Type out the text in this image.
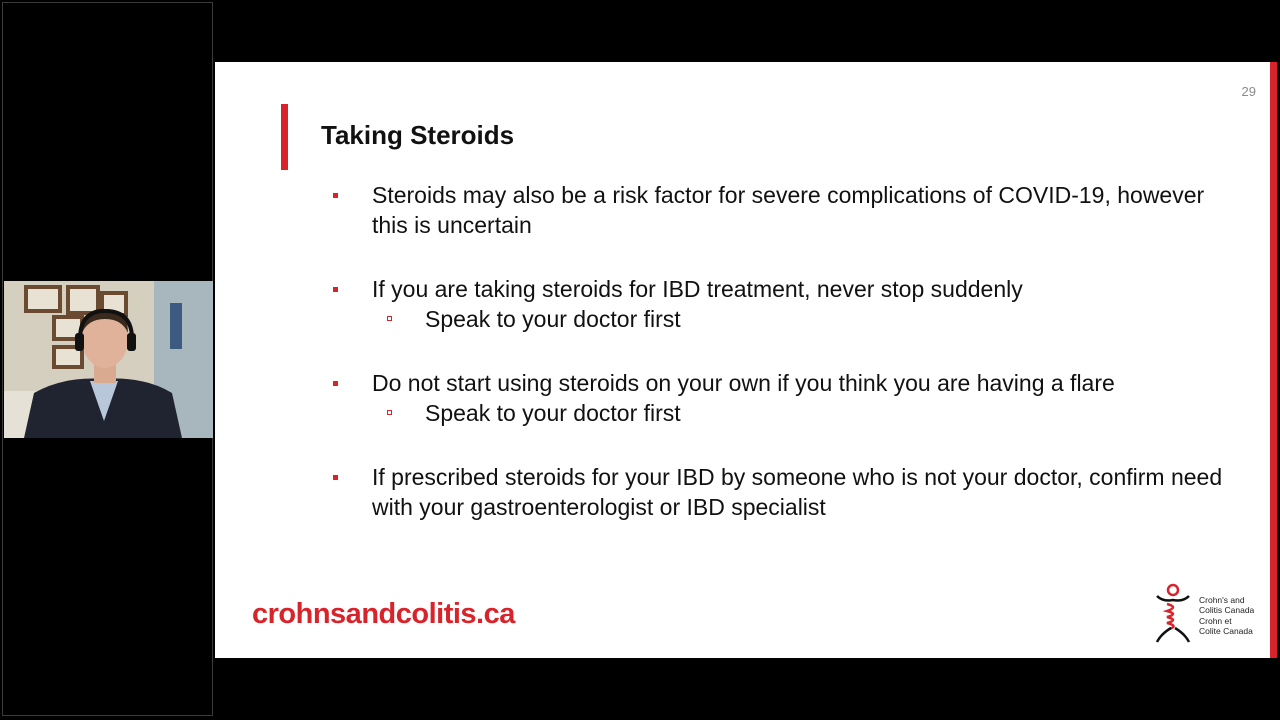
29
Taking Steroids
Steroids may also be a risk factor for severe complications of COVID-19, however this is uncertain
If you are taking steroids for IBD treatment, never stop suddenly
Speak to your doctor first
Do not start using steroids on your own if you think you are having a flare
Speak to your doctor first
If prescribed steroids for your IBD by someone who is not your doctor, confirm need with your gastroenterologist or IBD specialist
crohnsandcolitis.ca	Crohn's and
Colitis Canada
Crohn et
Colite Canada
